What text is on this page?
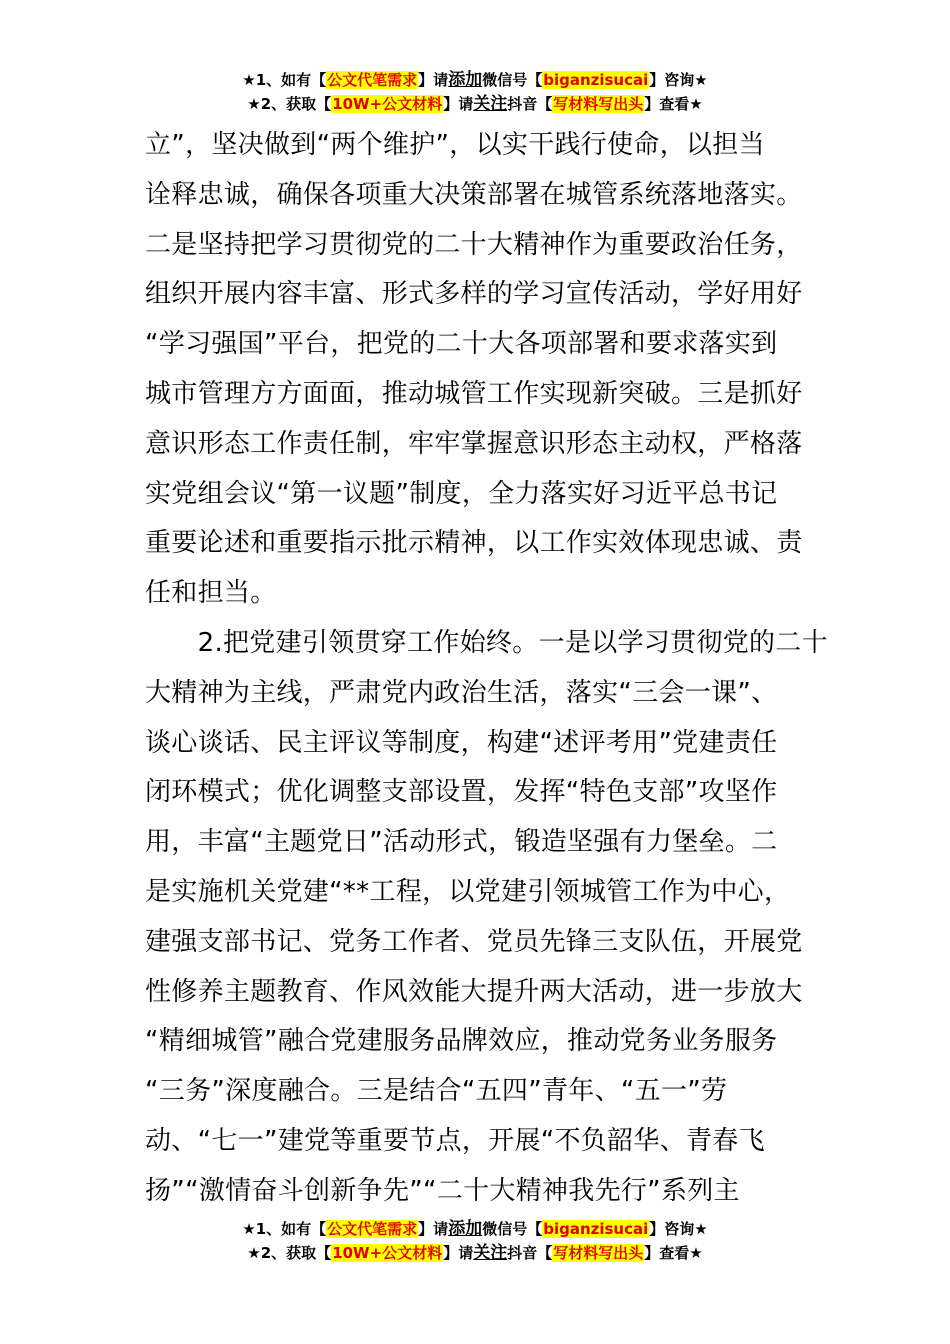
★1、如有【公文代笔需求】请添加微信号【biganzisucai】咨询★
★2、获取【10W+公文材料】请关注抖音【写材料写出头】查看★
立”，坚决做到“两个维护”，以实干践行使命，以担当
诠释忠诚，确保各项重大决策部署在城管系统落地落实。
二是坚持把学习贯彻党的二十大精神作为重要政治任务，
组织开展内容丰富、形式多样的学习宣传活动，学好用好
“学习强国”平台，把党的二十大各项部署和要求落实到
城市管理方方面面，推动城管工作实现新突破。三是抓好
意识形态工作责任制，牢牢掌握意识形态主动权，严格落
实党组会议“第一议题”制度，全力落实好习近平总书记
重要论述和重要指示批示精神，以工作实效体现忠诚、责
任和担当。
　　2.把党建引领贯穿工作始终。一是以学习贯彻党的二十
大精神为主线，严肃党内政治生活，落实“三会一课”、
谈心谈话、民主评议等制度，构建“述评考用”党建责任
闭环模式；优化调整支部设置，发挥“特色支部”攻坚作
用，丰富“主题党日”活动形式，锻造坚强有力堡垒。二
是实施机关党建“**工程，以党建引领城管工作为中心，
建强支部书记、党务工作者、党员先锋三支队伍，开展党
性修养主题教育、作风效能大提升两大活动，进一步放大
“精细城管”融合党建服务品牌效应，推动党务业务服务
“三务”深度融合。三是结合“五四”青年、“五一”劳
动、“七一”建党等重要节点，开展“不负韶华、青春飞
扬”“激情奋斗创新争先”“二十大精神我先行”系列主
★1、如有【公文代笔需求】请添加微信号【biganzisucai】咨询★
★2、获取【10W+公文材料】请关注抖音【写材料写出头】查看★
